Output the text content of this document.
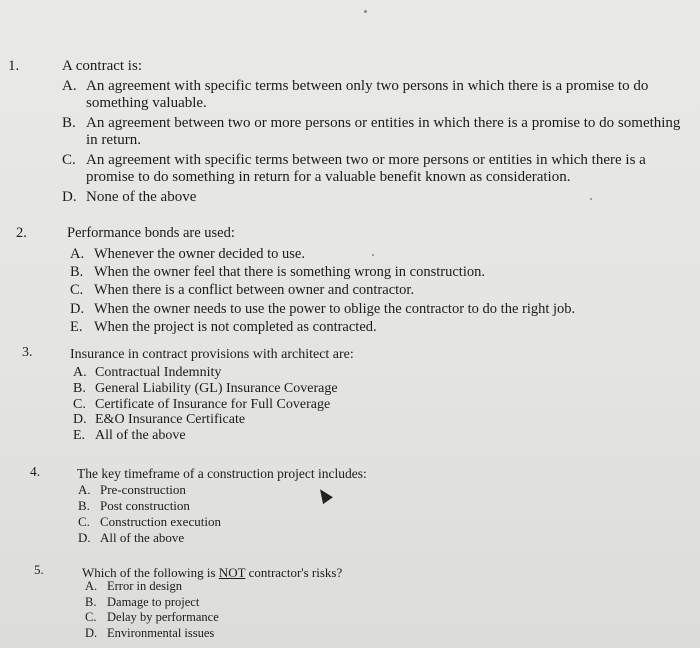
1.	A contract is:
A. An agreement with specific terms between only two persons in which there is a promise to do something valuable.
B. An agreement between two or more persons or entities in which there is a promise to do something in return.
C. An agreement with specific terms between two or more persons or entities in which there is a promise to do something in return for a valuable benefit known as consideration.
D. None of the above
2.	Performance bonds are used:
A. Whenever the owner decided to use.
B. When the owner feel that there is something wrong in construction.
C. When there is a conflict between owner and contractor.
D. When the owner needs to use the power to oblige the contractor to do the right job.
E. When the project is not completed as contracted.
3.	Insurance in contract provisions with architect are:
A. Contractual Indemnity
B. General Liability (GL) Insurance Coverage
C. Certificate of Insurance for Full Coverage
D. E&O Insurance Certificate
E. All of the above
4.	The key timeframe of a construction project includes:
A. Pre-construction
B. Post construction
C. Construction execution
D. All of the above
5.	Which of the following is NOT contractor's risks?
A. Error in design
B. Damage to project
C. Delay by performance
D. Environmental issues
